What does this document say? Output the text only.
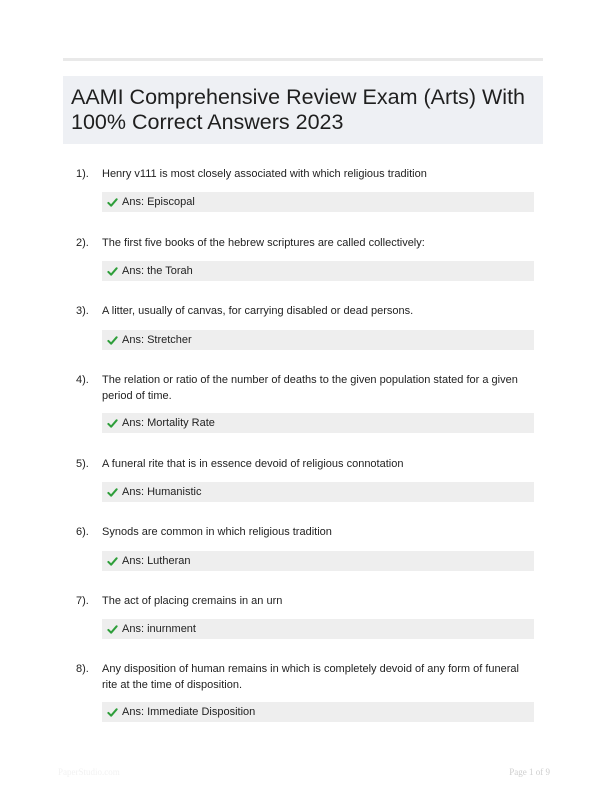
AAMI Comprehensive Review Exam (Arts) With
100% Correct Answers 2023
1). Henry v111 is most closely associated with which religious tradition
Ans: Episcopal
2). The first five books of the hebrew scriptures are called collectively:
Ans: the Torah
3). A litter, usually of canvas, for carrying disabled or dead persons.
Ans: Stretcher
4). The relation or ratio of the number of deaths to the given population stated for a given period of time.
Ans: Mortality Rate
5). A funeral rite that is in essence devoid of religious connotation
Ans: Humanistic
6). Synods are common in which religious tradition
Ans: Lutheran
7). The act of placing cremains in an urn
Ans: inurnment
8). Any disposition of human remains in which is completely devoid of any form of funeral rite at the time of disposition.
Ans: Immediate Disposition
PaperStudio.com	Page 1 of 9
